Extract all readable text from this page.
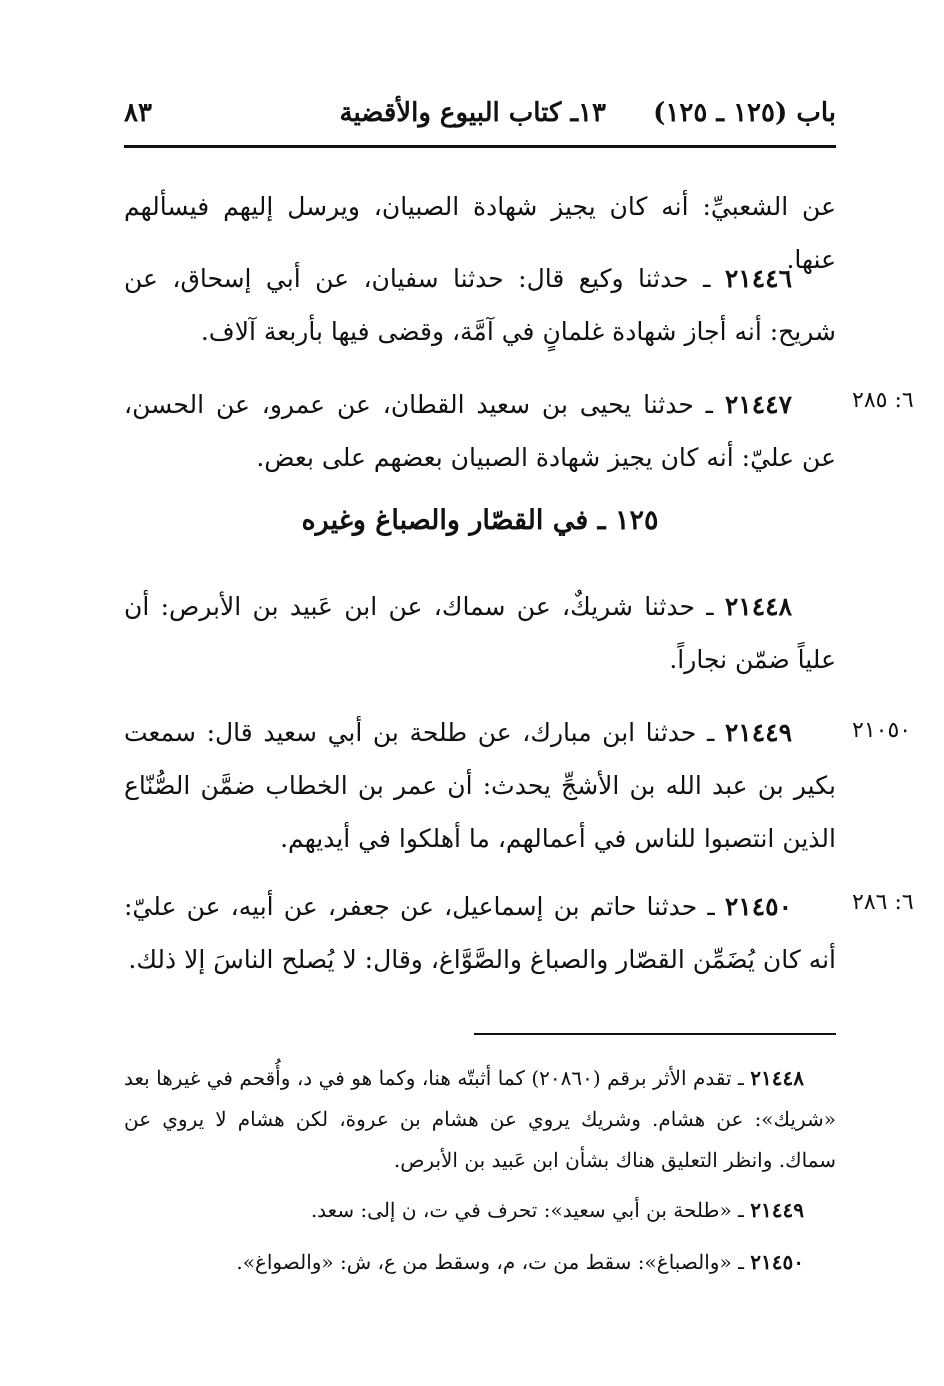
باب (١٢٥ ـ ١٢٥)
١٣ـ كتاب البيوع والأقضية
٨٣
عن الشعبيِّ: أنه كان يجيز شهادة الصبيان، ويرسل إليهم فيسألهم عنها.
٢١٤٤٦ ـ حدثنا وكيع قال: حدثنا سفيان، عن أبي إسحاق، عن شريح: أنه أجاز شهادة غلمانٍ في آمَّة، وقضى فيها بأربعة آلاف.
٦: ٢٨٥
٢١٤٤٧ ـ حدثنا يحيى بن سعيد القطان، عن عمرو، عن الحسن، عن عليّ: أنه كان يجيز شهادة الصبيان بعضهم على بعض.
١٢٥ ـ في القصّار والصباغ وغيره
٢١٤٤٨ ـ حدثنا شريكٌ، عن سماك، عن ابن عَبيد بن الأبرص: أن علياً ضمّن نجاراً.
٢١٠٥٠
٢١٤٤٩ ـ حدثنا ابن مبارك، عن طلحة بن أبي سعيد قال: سمعت بكير بن عبد الله بن الأشجِّ يحدث: أن عمر بن الخطاب ضمَّن الصُّنّاع الذين انتصبوا للناس في أعمالهم، ما أهلكوا في أيديهم.
٦: ٢٨٦
٢١٤٥٠ ـ حدثنا حاتم بن إسماعيل، عن جعفر، عن أبيه، عن عليّ: أنه كان يُضَمِّن القصّار والصباغ والصَّوَّاغ، وقال: لا يُصلح الناسَ إلا ذلك.
٢١٤٤٨ ـ تقدم الأثر برقم (٢٠٨٦٠) كما أثبتّه هنا، وكما هو في د، وأُقحم في غيرها بعد «شريك»: عن هشام. وشريك يروي عن هشام بن عروة، لكن هشام لا يروي عن سماك. وانظر التعليق هناك بشأن ابن عَبيد بن الأبرص.
٢١٤٤٩ ـ «طلحة بن أبي سعيد»: تحرف في ت، ن إلى: سعد.
٢١٤٥٠ ـ «والصباغ»: سقط من ت، م، وسقط من ع، ش: «والصواغ».
